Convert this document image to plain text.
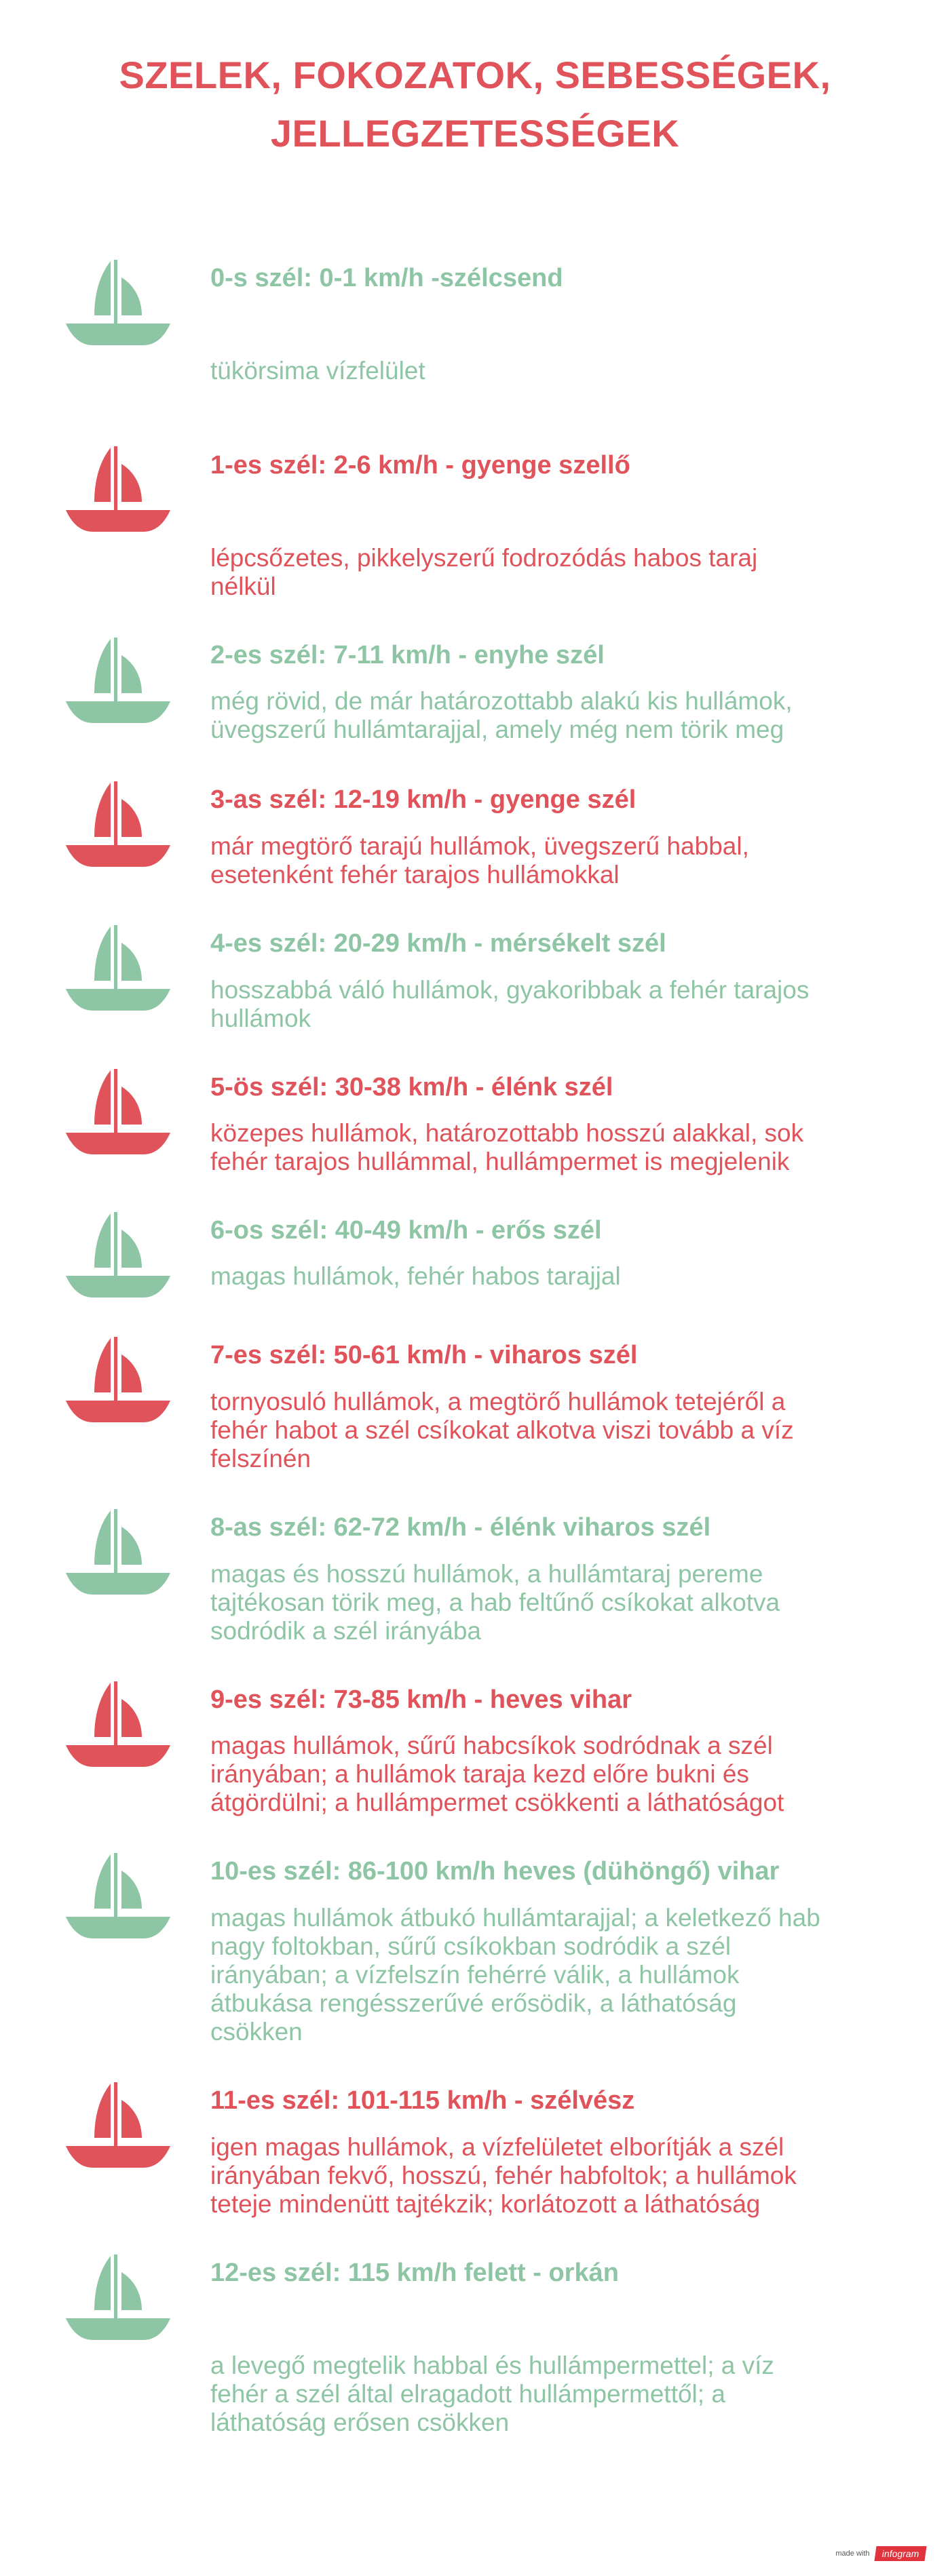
SZELEK, FOKOZATOK, SEBESSÉGEK,
JELLEGZETESSÉGEK
0-s szél: 0-1 km/h -szélcsend
tükörsima vízfelület
1-es szél: 2-6 km/h - gyenge szellő
lépcsőzetes, pikkelyszerű fodrozódás habos taraj
nélkül
2-es szél: 7-11 km/h - enyhe szél
még rövid, de már határozottabb alakú kis hullámok,
üvegszerű hullámtarajjal, amely még nem törik meg
3-as szél: 12-19 km/h - gyenge szél
már megtörő tarajú hullámok, üvegszerű habbal,
esetenként fehér tarajos hullámokkal
4-es szél: 20-29 km/h - mérsékelt szél
hosszabbá váló hullámok, gyakoribbak a fehér tarajos
hullámok
5-ös szél: 30-38 km/h - élénk szél
közepes hullámok, határozottabb hosszú alakkal, sok
fehér tarajos hullámmal, hullámpermet is megjelenik
6-os szél: 40-49 km/h - erős szél
magas hullámok, fehér habos tarajjal
7-es szél: 50-61 km/h - viharos szél
tornyosuló hullámok, a megtörő hullámok tetejéről a
fehér habot a szél csíkokat alkotva viszi tovább a víz
felszínén
8-as szél: 62-72 km/h - élénk viharos szél
magas és hosszú hullámok, a hullámtaraj pereme
tajtékosan törik meg, a hab feltűnő csíkokat alkotva
sodródik a szél irányába
9-es szél: 73-85 km/h - heves vihar
magas hullámok, sűrű habcsíkok sodródnak a szél
irányában; a hullámok taraja kezd előre bukni és
átgördülni; a hullámpermet csökkenti a láthatóságot
10-es szél: 86-100 km/h heves (dühöngő) vihar
magas hullámok átbukó hullámtarajjal; a keletkező hab
nagy foltokban, sűrű csíkokban sodródik a szél
irányában; a vízfelszín fehérré válik, a hullámok
átbukása rengésszerűvé erősödik, a láthatóság
csökken
11-es szél: 101-115 km/h - szélvész
igen magas hullámok, a vízfelületet elborítják a szél
irányában fekvő, hosszú, fehér habfoltok; a hullámok
teteje mindenütt tajtékzik; korlátozott a láthatóság
12-es szél: 115 km/h felett - orkán
a levegő megtelik habbal és hullámpermettel; a víz
fehér a szél által elragadott hullámpermettől; a
láthatóság erősen csökken
made with	infogram
